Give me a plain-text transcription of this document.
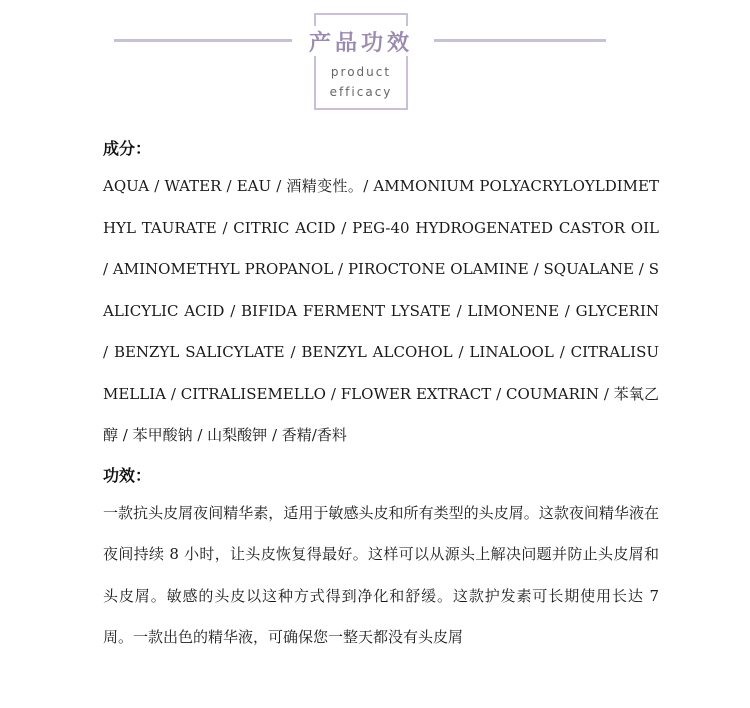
产品功效
product
efficacy
成分：

AQUA / WATER / EAU / 酒精变性。/ AMMONIUM POLYACRYLOYLDIMETHYL TAURATE / CITRIC ACID / PEG-40 HYDROGENATED CASTOR OIL / AMINOMETHYL PROPANOL / PIROCTONE OLAMINE / SQUALANE / SALICYLIC ACID / BIFIDA FERMENT LYSATE / LIMONENE / GLYCERIN / BENZYL SALICYLATE / BENZYL ALCOHOL / LINALOOL / CITRALISUMELLIA / CITRALISEMELLO / FLOWER EXTRACT / COUMARIN / 苯氧乙醇 / 苯甲酸钠 / 山梨酸钾 / 香精/香料

功效：

一款抗头皮屑夜间精华素，适用于敏感头皮和所有类型的头皮屑。这款夜间精华液在夜间持续 8 小时，让头皮恢复得最好。这样可以从源头上解决问题并防止头皮屑和头皮屑。敏感的头皮以这种方式得到净化和舒缓。这款护发素可长期使用长达 7 周。一款出色的精华液，可确保您一整天都没有头皮屑
